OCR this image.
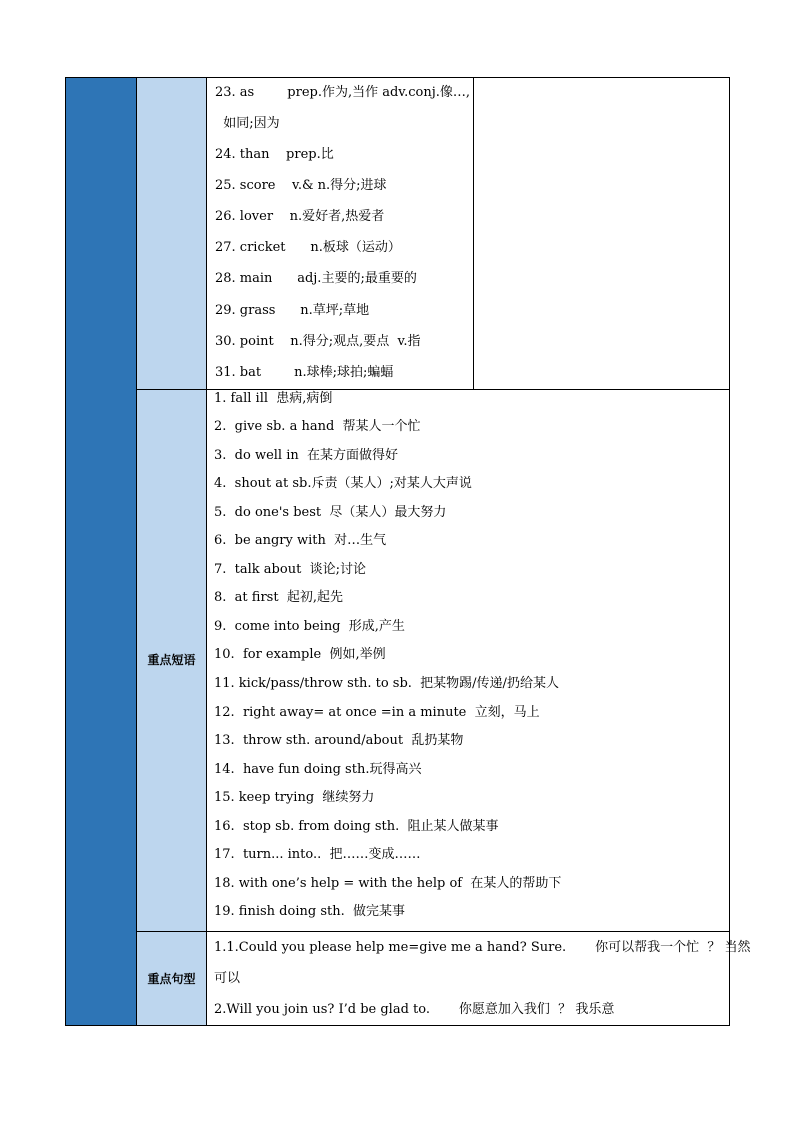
23. as        prep.作为,当作 adv.conj.像…,
如同;因为
24. than    prep.比
25. score    v.& n.得分;进球
26. lover    n.爱好者,热爱者
27. cricket      n.板球（运动）
28. main      adj.主要的;最重要的
29. grass      n.草坪;草地
30. point    n.得分;观点,要点  v.指
31. bat        n.球棒;球拍;蝙蝠
重点短语
1. fall ill  患病,病倒
2.  give sb. a hand  帮某人一个忙
3.  do well in  在某方面做得好
4.  shout at sb.斥责（某人）;对某人大声说
5.  do one's best  尽（某人）最大努力
6.  be angry with  对…生气
7.  talk about  谈论;讨论
8.  at first  起初,起先
9.  come into being  形成,产生
10.  for example  例如,举例
11. kick/pass/throw sth. to sb.  把某物踢/传递/扔给某人
12.  right away= at once =in a minute  立刻，马上
13.  throw sth. around/about  乱扔某物
14.  have fun doing sth.玩得高兴
15. keep trying  继续努力
16.  stop sb. from doing sth.  阻止某人做某事
17.  turn... into..  把……变成……
18. with one’s help = with the help of  在某人的帮助下
19. finish doing sth.  做完某事
重点句型
1.1.Could you please help me=give me a hand? Sure.       你可以帮我一个忙  ？ 当然
可以
2.Will you join us? I’d be glad to.       你愿意加入我们  ？ 我乐意
